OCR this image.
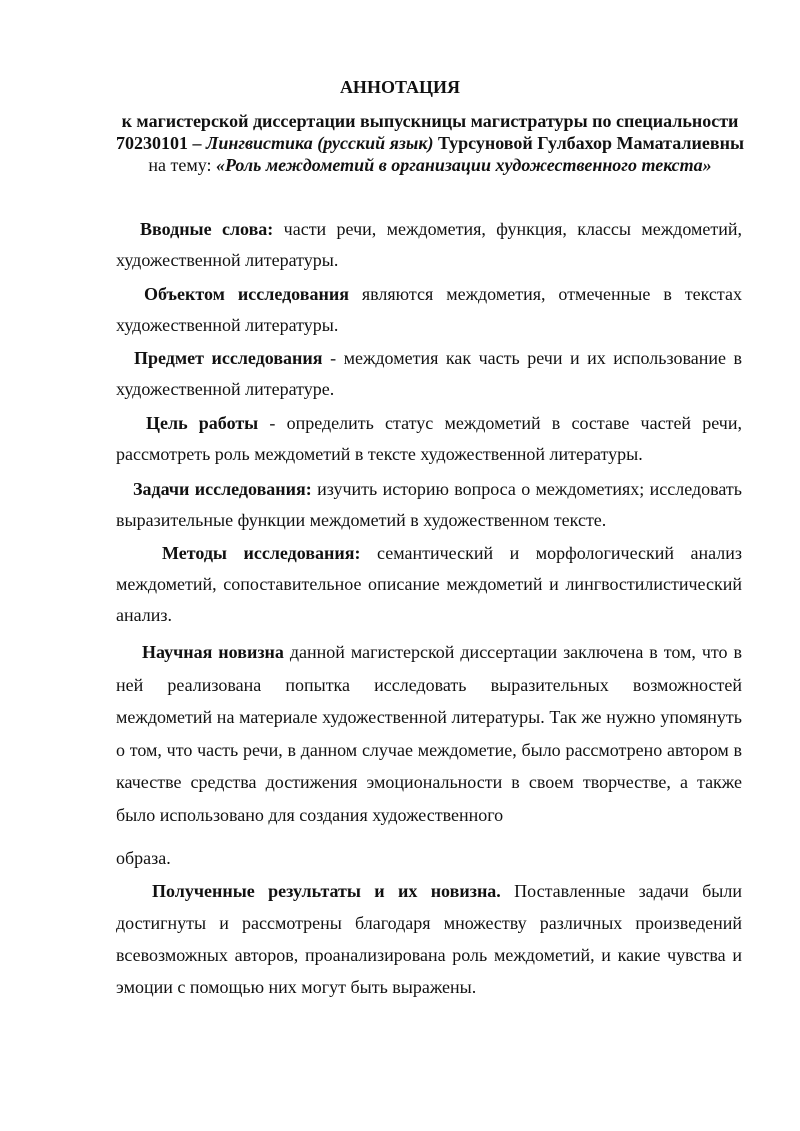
АННОТАЦИЯ
к магистерской диссертации выпускницы магистратуры по специальности 70230101 – Лингвистика (русский язык) Турсуновой Гулбахор Маматалиевны на тему: «Роль междометий в организации художественного текста»

Вводные слова: части речи, междометия, функция, классы междометий, художественной литературы.

Объектом исследования являются междометия, отмеченные в текстах художественной литературы.

Предмет исследования - междометия как часть речи и их использование в художественной литературе.

Цель работы - определить статус междометий в составе частей речи, рассмотреть роль междометий в тексте художественной литературы.

Задачи исследования: изучить историю вопроса о междометиях; исследовать выразительные функции междометий в художественном тексте.

Методы исследования: семантический и морфологический анализ междометий, сопоставительное описание междометий и лингвостилистический анализ.

Научная новизна данной магистерской диссертации заключена в том, что в ней реализована попытка исследовать выразительных возможностей междометий на материале художественной литературы. Так же нужно упомянуть о том, что часть речи, в данном случае междометие, было рассмотрено автором в качестве средства достижения эмоциональности в своем творчестве, а также было использовано для создания художественного

образа.

Полученные результаты и их новизна. Поставленные задачи были достигнуты и рассмотрены благодаря множеству различных произведений всевозможных авторов, проанализирована роль междометий, и какие чувства и эмоции с помощью них могут быть выражены.
